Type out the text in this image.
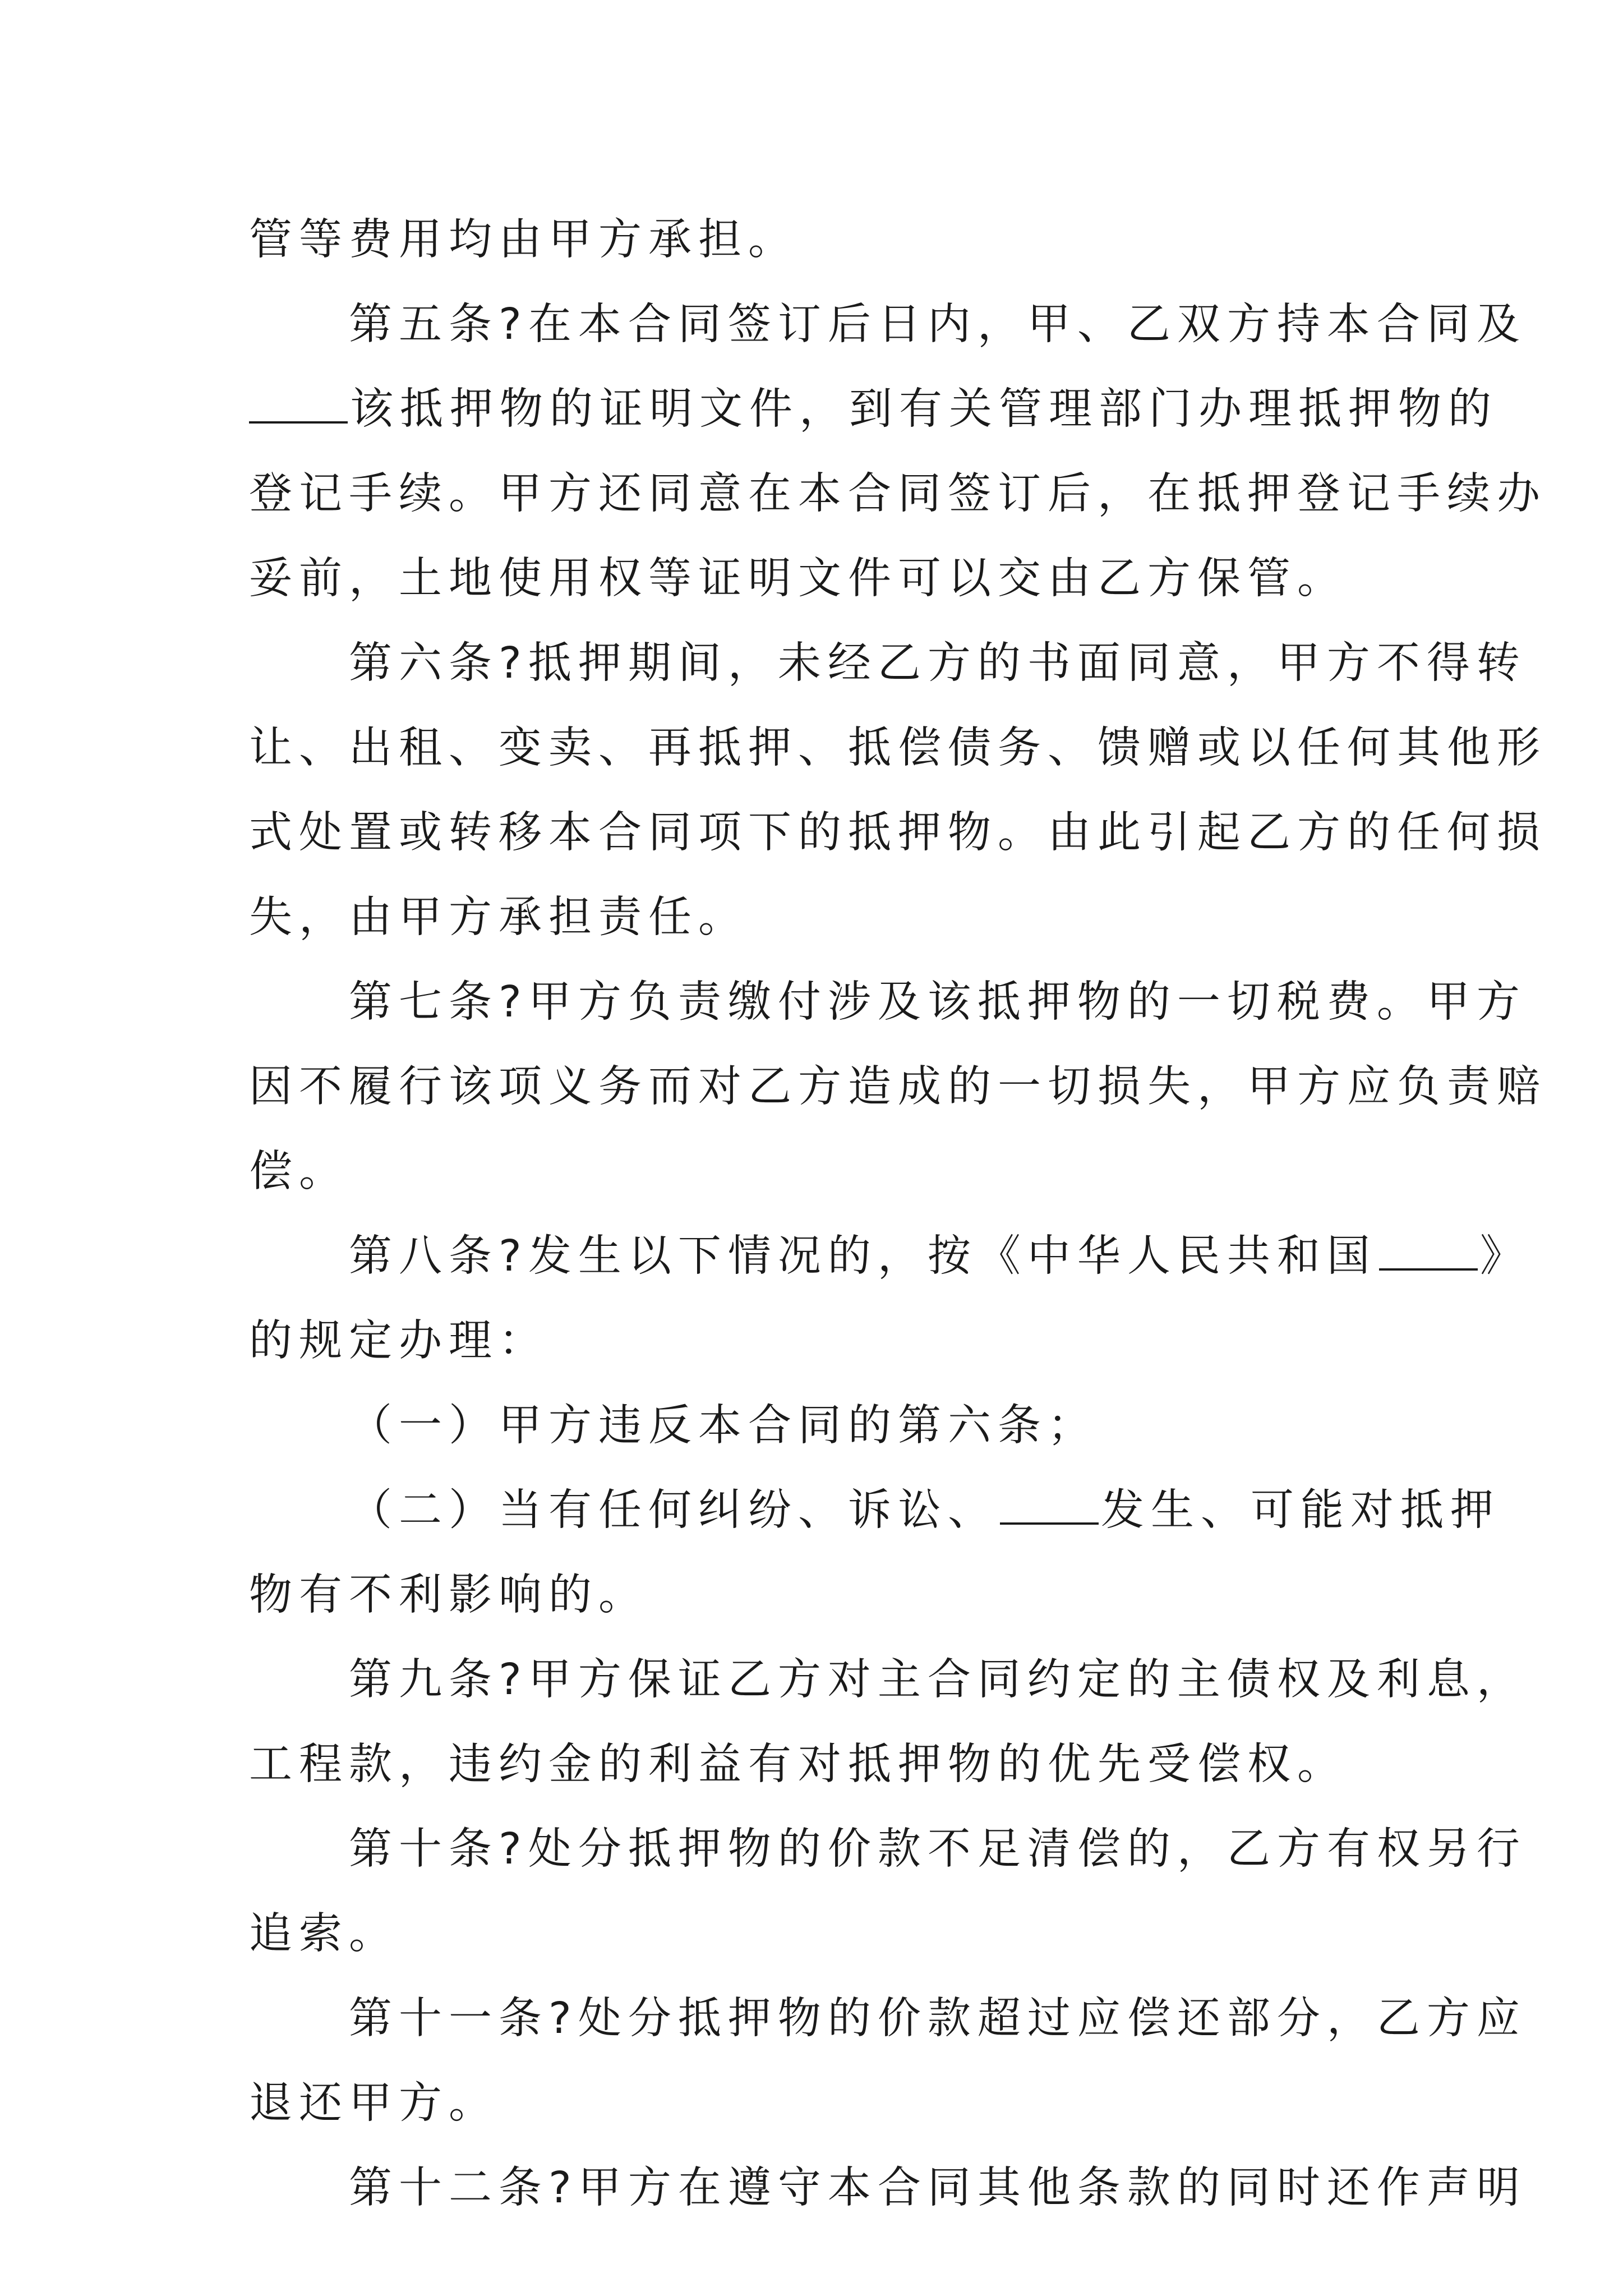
管等费用均由甲方承担。
第五条?在本合同签订后日内，甲、乙双方持本合同及
该抵押物的证明文件，到有关管理部门办理抵押物的
登记手续。甲方还同意在本合同签订后，在抵押登记手续办
妥前，土地使用权等证明文件可以交由乙方保管。
第六条?抵押期间，未经乙方的书面同意，甲方不得转
让、出租、变卖、再抵押、抵偿债务、馈赠或以任何其他形
式处置或转移本合同项下的抵押物。由此引起乙方的任何损
失，由甲方承担责任。
第七条?甲方负责缴付涉及该抵押物的一切税费。甲方
因不履行该项义务而对乙方造成的一切损失，甲方应负责赔
偿。
第八条?发生以下情况的，按《中华人民共和国 》
的规定办理：
（一）甲方违反本合同的第六条；
（二）当有任何纠纷、诉讼、 发生、可能对抵押
物有不利影响的。
第九条?甲方保证乙方对主合同约定的主债权及利息，
工程款，违约金的利益有对抵押物的优先受偿权。
第十条?处分抵押物的价款不足清偿的，乙方有权另行
追索。
第十一条?处分抵押物的价款超过应偿还部分，乙方应
退还甲方。
第十二条?甲方在遵守本合同其他条款的同时还作声明
